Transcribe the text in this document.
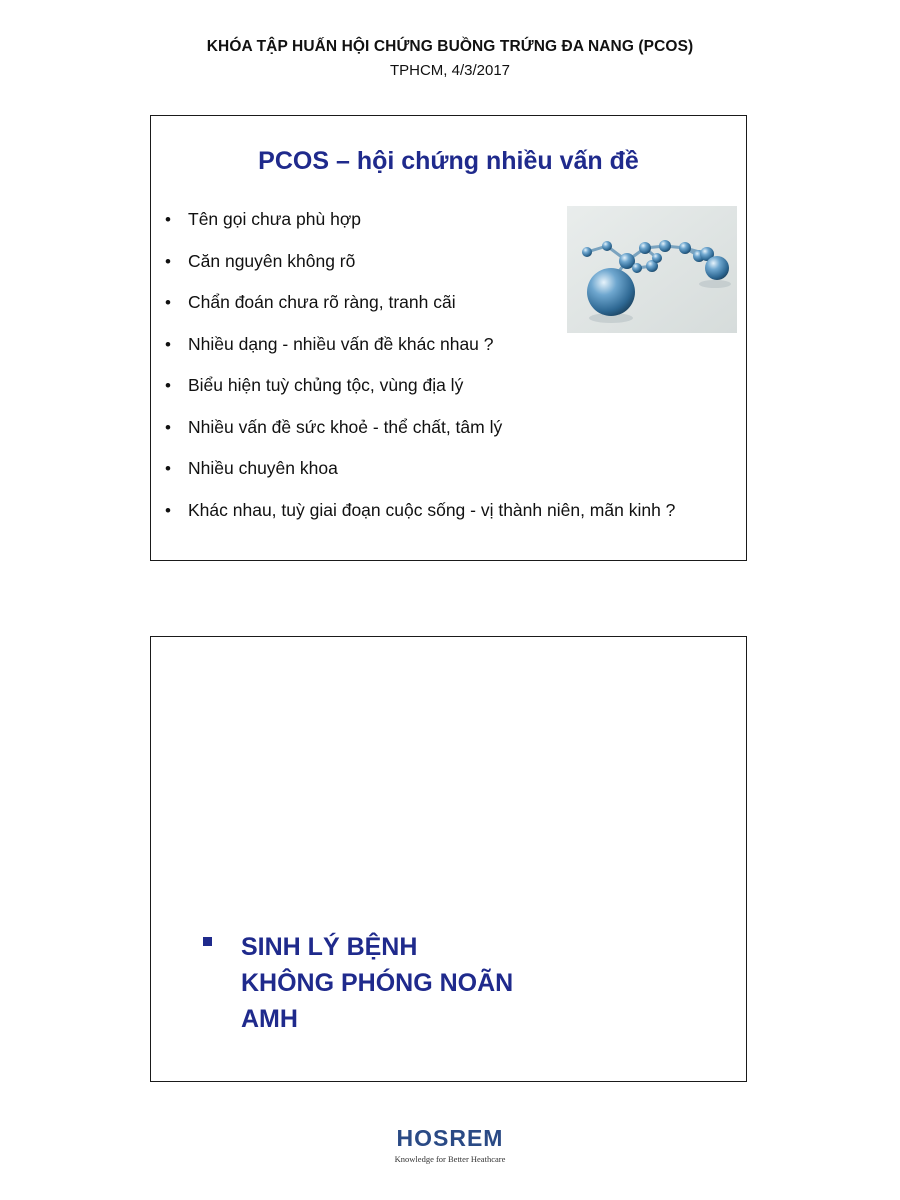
KHÓA TẬP HUẤN HỘI CHỨNG BUỒNG TRỨNG ĐA NANG (PCOS)
TPHCM, 4/3/2017
PCOS – hội chứng nhiều vấn đề
• Tên gọi chưa phù hợp
• Căn nguyên không rõ
• Chẩn đoán chưa rõ ràng, tranh cãi
• Nhiều dạng - nhiều vấn đề khác nhau ?
• Biểu hiện tuỳ chủng tộc, vùng địa lý
• Nhiều vấn đề sức khoẻ - thể chất, tâm lý
• Nhiều chuyên khoa
• Khác nhau, tuỳ giai đoạn cuộc sống - vị thành niên, mãn kinh ?
SINH LÝ BỆNH
KHÔNG PHÓNG NOÃN
AMH
HOSREM
Knowledge for Better Heathcare
